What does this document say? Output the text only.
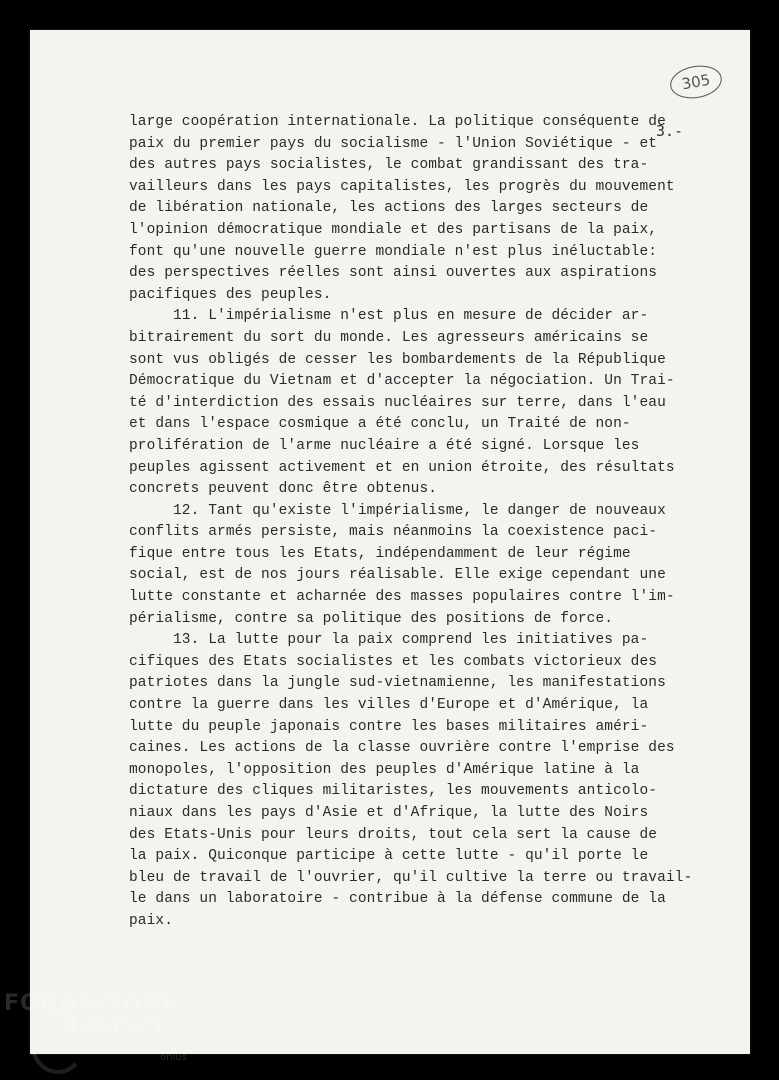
305
3.-
large coopération internationale. La politique conséquente de
paix du premier pays du socialisme - l'Union Soviétique - et
des autres pays socialistes, le combat grandissant des tra-
vailleurs dans les pays capitalistes, les progrès du mouvement
de libération nationale, les actions des larges secteurs de
l'opinion démocratique mondiale et des partisans de la paix,
font qu'une nouvelle guerre mondiale n'est plus inéluctable:
des perspectives réelles sont ainsi ouvertes aux aspirations
pacifiques des peuples.
11. L'impérialisme n'est plus en mesure de décider ar-
bitrairement du sort du monde. Les agresseurs américains se
sont vus obligés de cesser les bombardements de la République
Démocratique du Vietnam et d'accepter la négociation. Un Trai-
té d'interdiction des essais nucléaires sur terre, dans l'eau
et dans l'espace cosmique a été conclu, un Traité de non-
prolifération de l'arme nucléaire a été signé. Lorsque les
peuples agissent activement et en union étroite, des résultats
concrets peuvent donc être obtenus.
12. Tant qu'existe l'impérialisme, le danger de nouveaux
conflits armés persiste, mais néanmoins la coexistence paci-
fique entre tous les Etats, indépendamment de leur régime
social, est de nos jours réalisable. Elle exige cependant une
lutte constante et acharnée des masses populaires contre l'im-
périalisme, contre sa politique des positions de force.
13. La lutte pour la paix comprend les initiatives pa-
cifiques des Etats socialistes et les combats victorieux des
patriotes dans la jungle sud-vietnamienne, les manifestations
contre la guerre dans les villes d'Europe et d'Amérique, la
lutte du peuple japonais contre les bases militaires améri-
caines. Les actions de la classe ouvrière contre l'emprise des
monopoles, l'opposition des peuples d'Amérique latine à la
dictature des cliques militaristes, les mouvements anticolo-
niaux dans les pays d'Asie et d'Afrique, la lutte des Noirs
des Etats-Unis pour leurs droits, tout cela sert la cause de
la paix. Quiconque participe à cette lutte - qu'il porte le
bleu de travail de l'ouvrier, qu'il cultive la terre ou travail-
le dans un laboratoire - contribue à la défense commune de la
paix.
FONDAZIONE
RAMSCI
onlus
